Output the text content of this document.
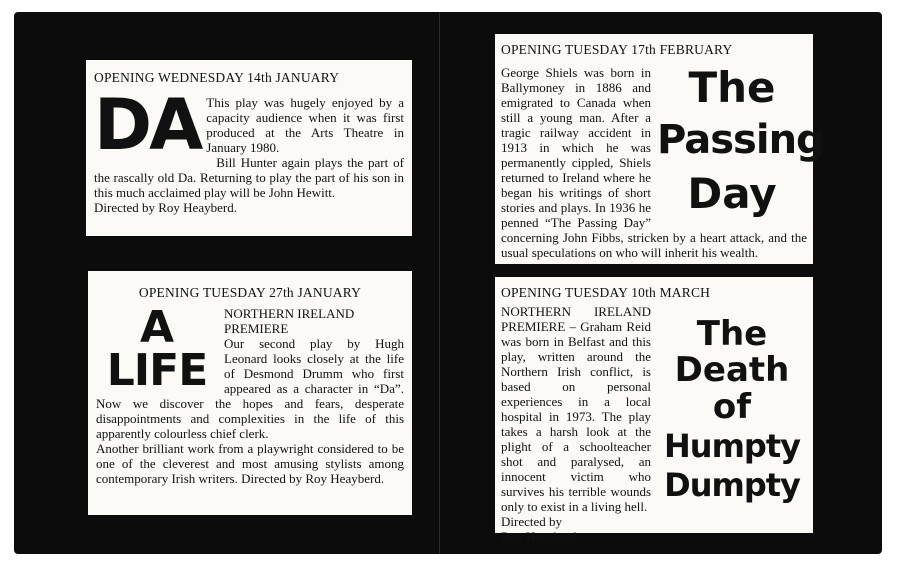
OPENING WEDNESDAY 14th JANUARY
DA This play was hugely enjoyed by a capacity audience when it was first produced at the Arts Theatre in January 1980.
Bill Hunter again plays the part of the rascally old Da. Returning to play the part of his son in this much acclaimed play will be John Hewitt.
Directed by Roy Heayberd.
OPENING TUESDAY 27th JANUARY
A
LIFE
NORTHERN IRELAND PREMIERE
Our second play by Hugh Leonard looks closely at the life of Desmond Drumm who first appeared as a character in “Da”. Now we discover the hopes and fears, desperate disappointments and complexities in the life of this apparently colourless chief clerk.
Another brilliant work from a playwright considered to be one of the cleverest and most amusing stylists among contemporary Irish writers. Directed by Roy Heayberd.
OPENING TUESDAY 17th FEBRUARY
The
Passing
Day
George Shiels was born in Ballymoney in 1886 and emigrated to Canada when still a young man. After a tragic railway accident in 1913 in which he was permanently cippled, Shiels returned to Ireland where he began his writings of short stories and plays. In 1936 he penned “The Passing Day” concerning John Fibbs, stricken by a heart attack, and the usual speculations on who will inherit his wealth.
OPENING TUESDAY 10th MARCH
The
Death
of
Humpty
Dumpty
NORTHERN IRELAND PREMIERE – Graham Reid was born in Belfast and this play, written around the Northern Irish conflict, is based on personal experiences in a local hospital in 1973. The play takes a harsh look at the plight of a schoolteacher shot and paralysed, an innocent victim who survives his terrible wounds only to exist in a living hell.
Directed by
Roy Heayberd.
